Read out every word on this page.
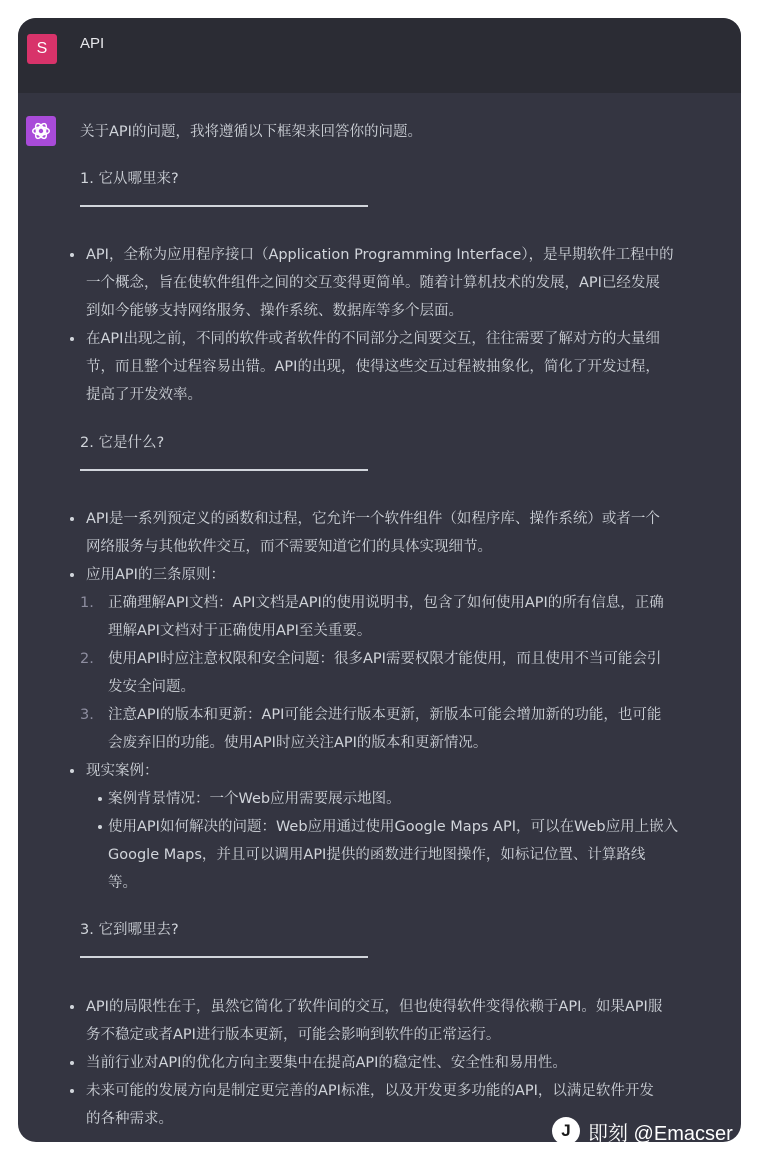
S	API
关于API的问题，我将遵循以下框架来回答你的问题。
1. 它从哪里来?
API，全称为应用程序接口（Application Programming Interface），是早期软件工程中的
一个概念，旨在使软件组件之间的交互变得更简单。随着计算机技术的发展，API已经发展
到如今能够支持网络服务、操作系统、数据库等多个层面。
在API出现之前，不同的软件或者软件的不同部分之间要交互，往往需要了解对方的大量细
节，而且整个过程容易出错。API的出现，使得这些交互过程被抽象化，简化了开发过程，
提高了开发效率。
2. 它是什么?
API是一系列预定义的函数和过程，它允许一个软件组件（如程序库、操作系统）或者一个
网络服务与其他软件交互，而不需要知道它们的具体实现细节。
应用API的三条原则：
1. 正确理解API文档：API文档是API的使用说明书，包含了如何使用API的所有信息，正确
理解API文档对于正确使用API至关重要。
2. 使用API时应注意权限和安全问题：很多API需要权限才能使用，而且使用不当可能会引
发安全问题。
3. 注意API的版本和更新：API可能会进行版本更新，新版本可能会增加新的功能，也可能
会废弃旧的功能。使用API时应关注API的版本和更新情况。
现实案例：
案例背景情况：一个Web应用需要展示地图。
使用API如何解决的问题：Web应用通过使用Google Maps API，可以在Web应用上嵌入
Google Maps，并且可以调用API提供的函数进行地图操作，如标记位置、计算路线
等。
3. 它到哪里去?
API的局限性在于，虽然它简化了软件间的交互，但也使得软件变得依赖于API。如果API服
务不稳定或者API进行版本更新，可能会影响到软件的正常运行。
当前行业对API的优化方向主要集中在提高API的稳定性、安全性和易用性。
未来可能的发展方向是制定更完善的API标准，以及开发更多功能的API，以满足软件开发
的各种需求。
J 即刻 @Emacser
